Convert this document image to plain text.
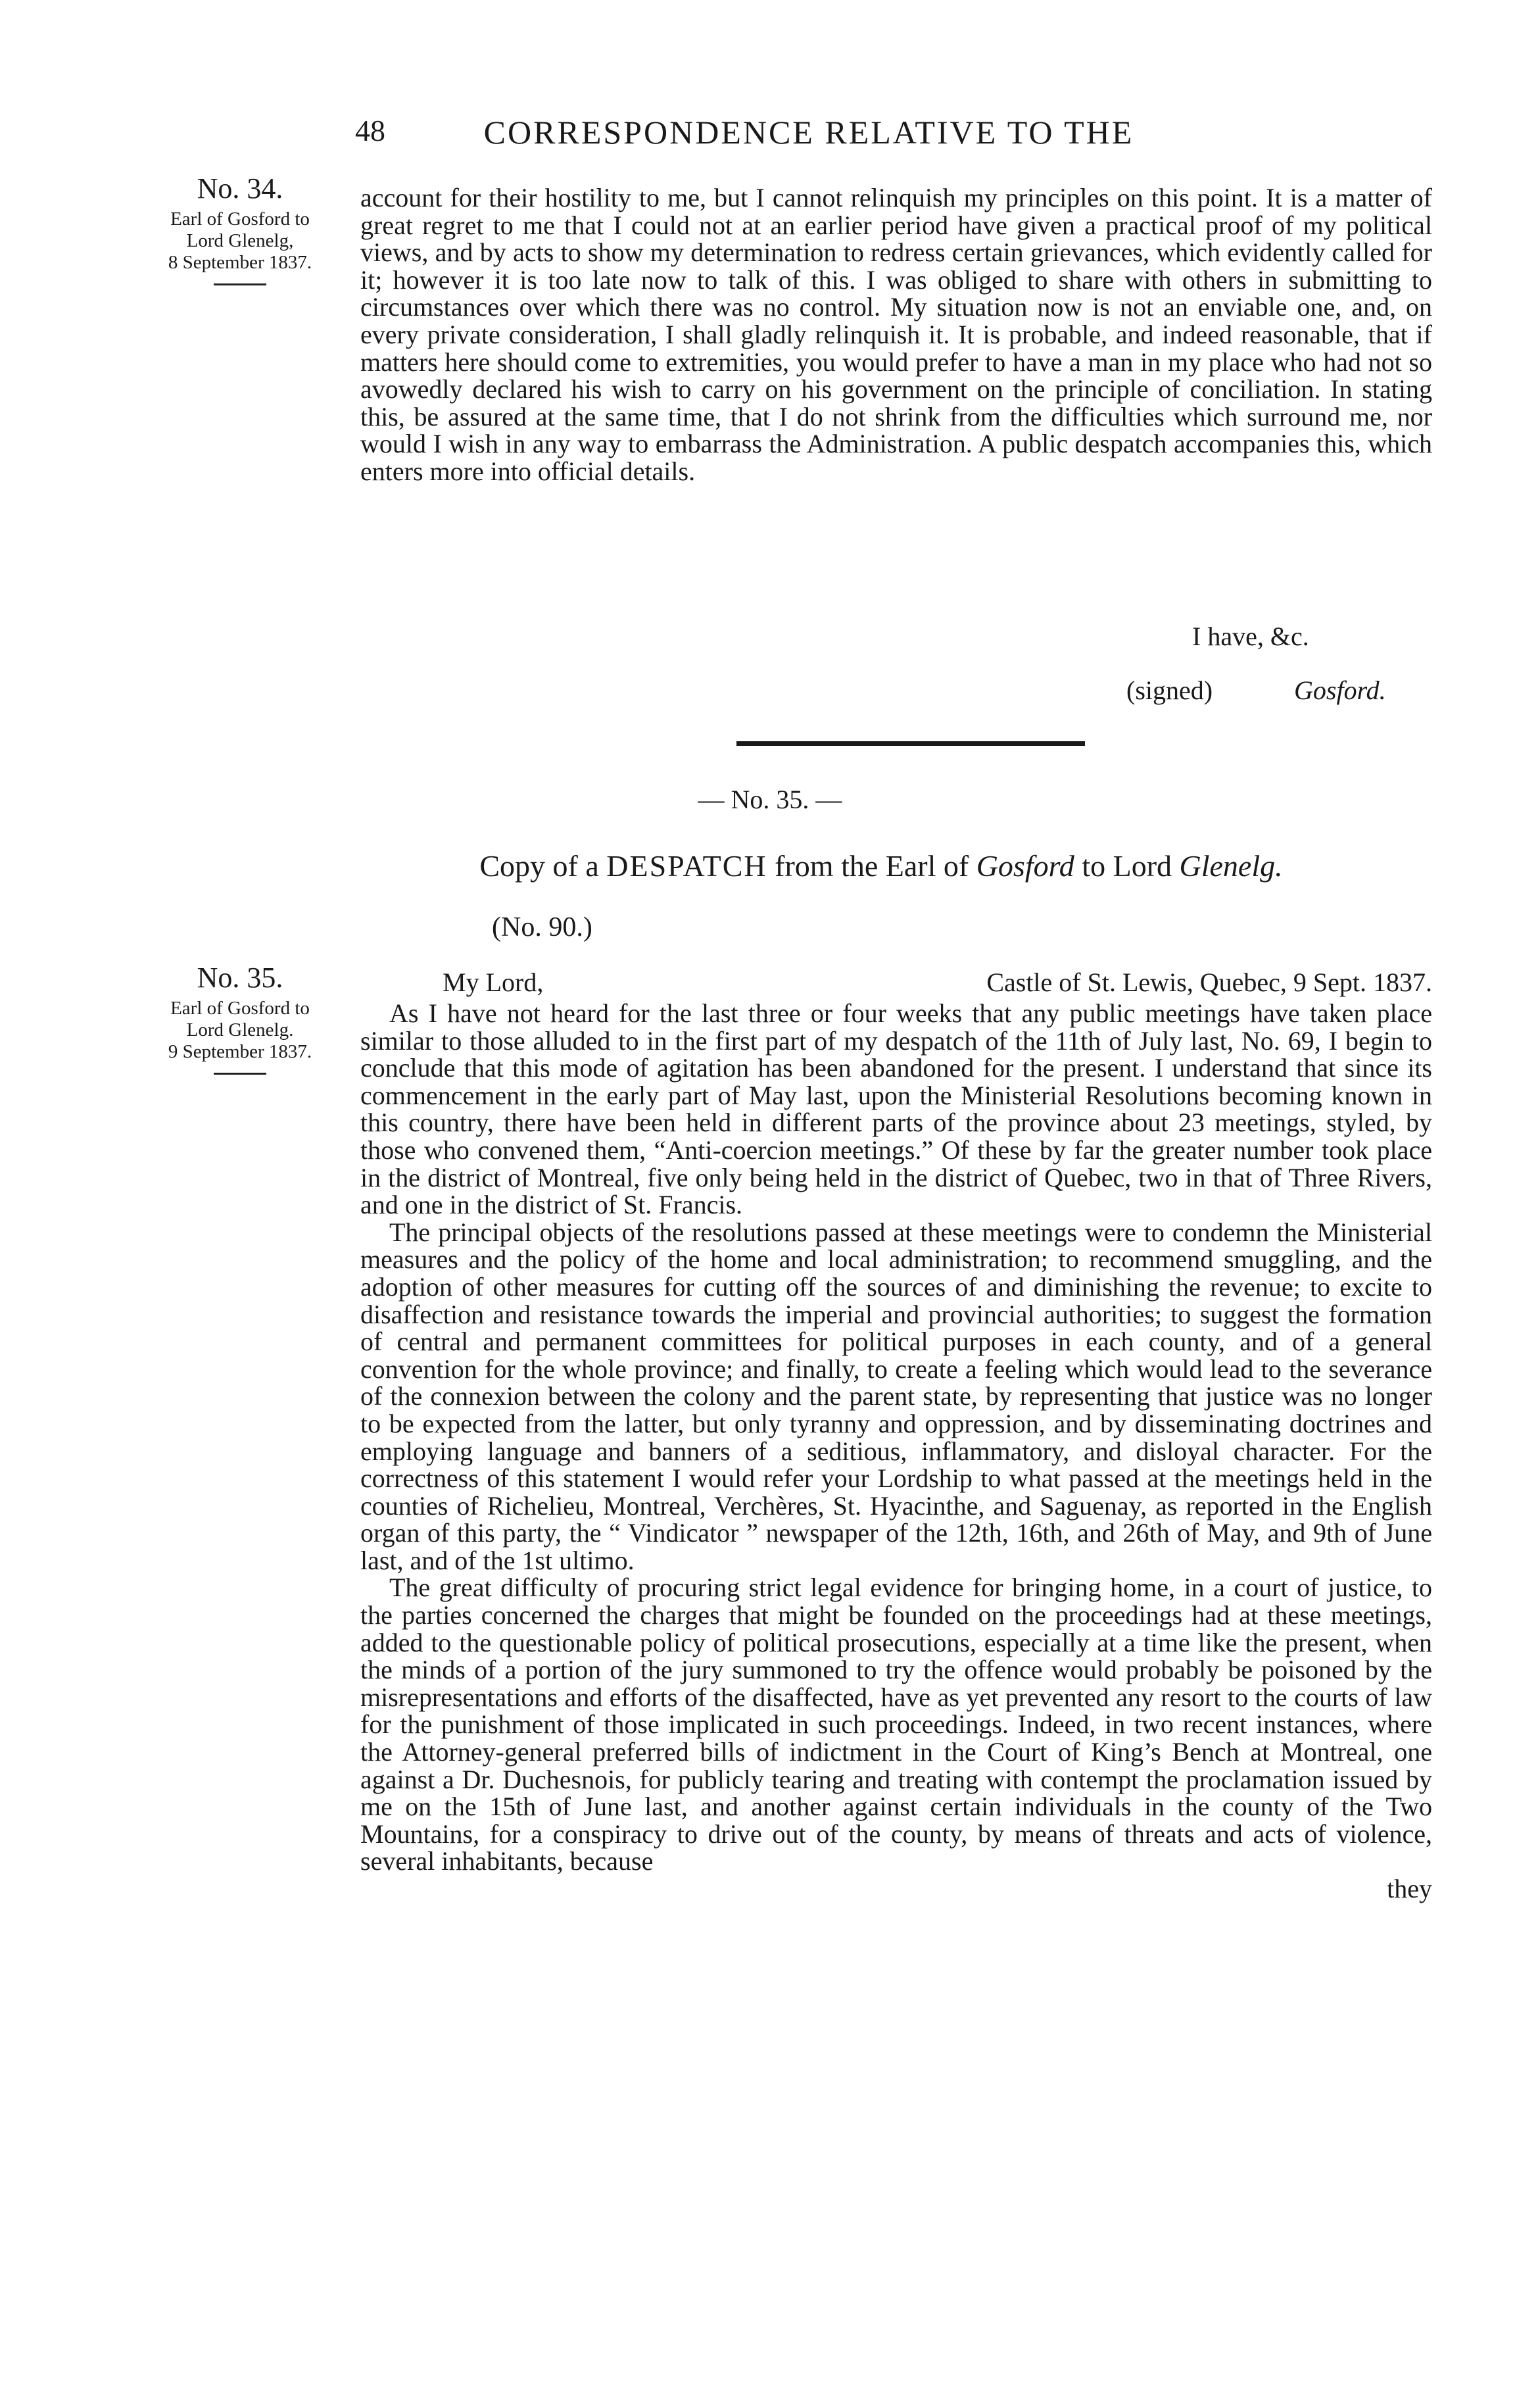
48	CORRESPONDENCE RELATIVE TO THE
No. 34.
Earl of Gosford to
Lord Glenelg,
8 September 1837.

account for their hostility to me, but I cannot relinquish my principles on this point. It is a matter of great regret to me that I could not at an earlier period have given a practical proof of my political views, and by acts to show my determination to redress certain grievances, which evidently called for it; however it is too late now to talk of this. I was obliged to share with others in submitting to circumstances over which there was no control. My situation now is not an enviable one, and, on every private consideration, I shall gladly relinquish it. It is probable, and indeed reasonable, that if matters here should come to extremities, you would prefer to have a man in my place who had not so avowedly declared his wish to carry on his government on the principle of conciliation. In stating this, be assured at the same time, that I do not shrink from the difficulties which surround me, nor would I wish in any way to embarrass the Administration. A public despatch accompanies this, which enters more into official details.

I have, &c.
(signed)	Gosford.
— No. 35. —
Copy of a DESPATCH from the Earl of Gosford to Lord Glenelg.
(No. 90.)
No. 35.
Earl of Gosford to
Lord Glenelg.
9 September 1837.
My Lord,	Castle of St. Lewis, Quebec, 9 Sept. 1837.

As I have not heard for the last three or four weeks that any public meetings have taken place similar to those alluded to in the first part of my despatch of the 11th of July last, No. 69, I begin to conclude that this mode of agitation has been abandoned for the present. I understand that since its commencement in the early part of May last, upon the Ministerial Resolutions becoming known in this country, there have been held in different parts of the province about 23 meetings, styled, by those who convened them, “Anti-coercion meetings.” Of these by far the greater number took place in the district of Montreal, five only being held in the district of Quebec, two in that of Three Rivers, and one in the district of St. Francis.

The principal objects of the resolutions passed at these meetings were to condemn the Ministerial measures and the policy of the home and local administration; to recommend smuggling, and the adoption of other measures for cutting off the sources of and diminishing the revenue; to excite to disaffection and resistance towards the imperial and provincial authorities; to suggest the formation of central and permanent committees for political purposes in each county, and of a general convention for the whole province; and finally, to create a feeling which would lead to the severance of the connexion between the colony and the parent state, by representing that justice was no longer to be expected from the latter, but only tyranny and oppression, and by disseminating doctrines and employing language and banners of a seditious, inflammatory, and disloyal character. For the correctness of this statement I would refer your Lordship to what passed at the meetings held in the counties of Richelieu, Montreal, Verchères, St. Hyacinthe, and Saguenay, as reported in the English organ of this party, the “ Vindicator ” newspaper of the 12th, 16th, and 26th of May, and 9th of June last, and of the 1st ultimo.

The great difficulty of procuring strict legal evidence for bringing home, in a court of justice, to the parties concerned the charges that might be founded on the proceedings had at these meetings, added to the questionable policy of political prosecutions, especially at a time like the present, when the minds of a portion of the jury summoned to try the offence would probably be poisoned by the misrepresentations and efforts of the disaffected, have as yet prevented any resort to the courts of law for the punishment of those implicated in such proceedings. Indeed, in two recent instances, where the Attorney-general preferred bills of indictment in the Court of King’s Bench at Montreal, one against a Dr. Duchesnois, for publicly tearing and treating with contempt the proclamation issued by me on the 15th of June last, and another against certain individuals in the county of the Two Mountains, for a conspiracy to drive out of the county, by means of threats and acts of violence, several inhabitants, because

they
